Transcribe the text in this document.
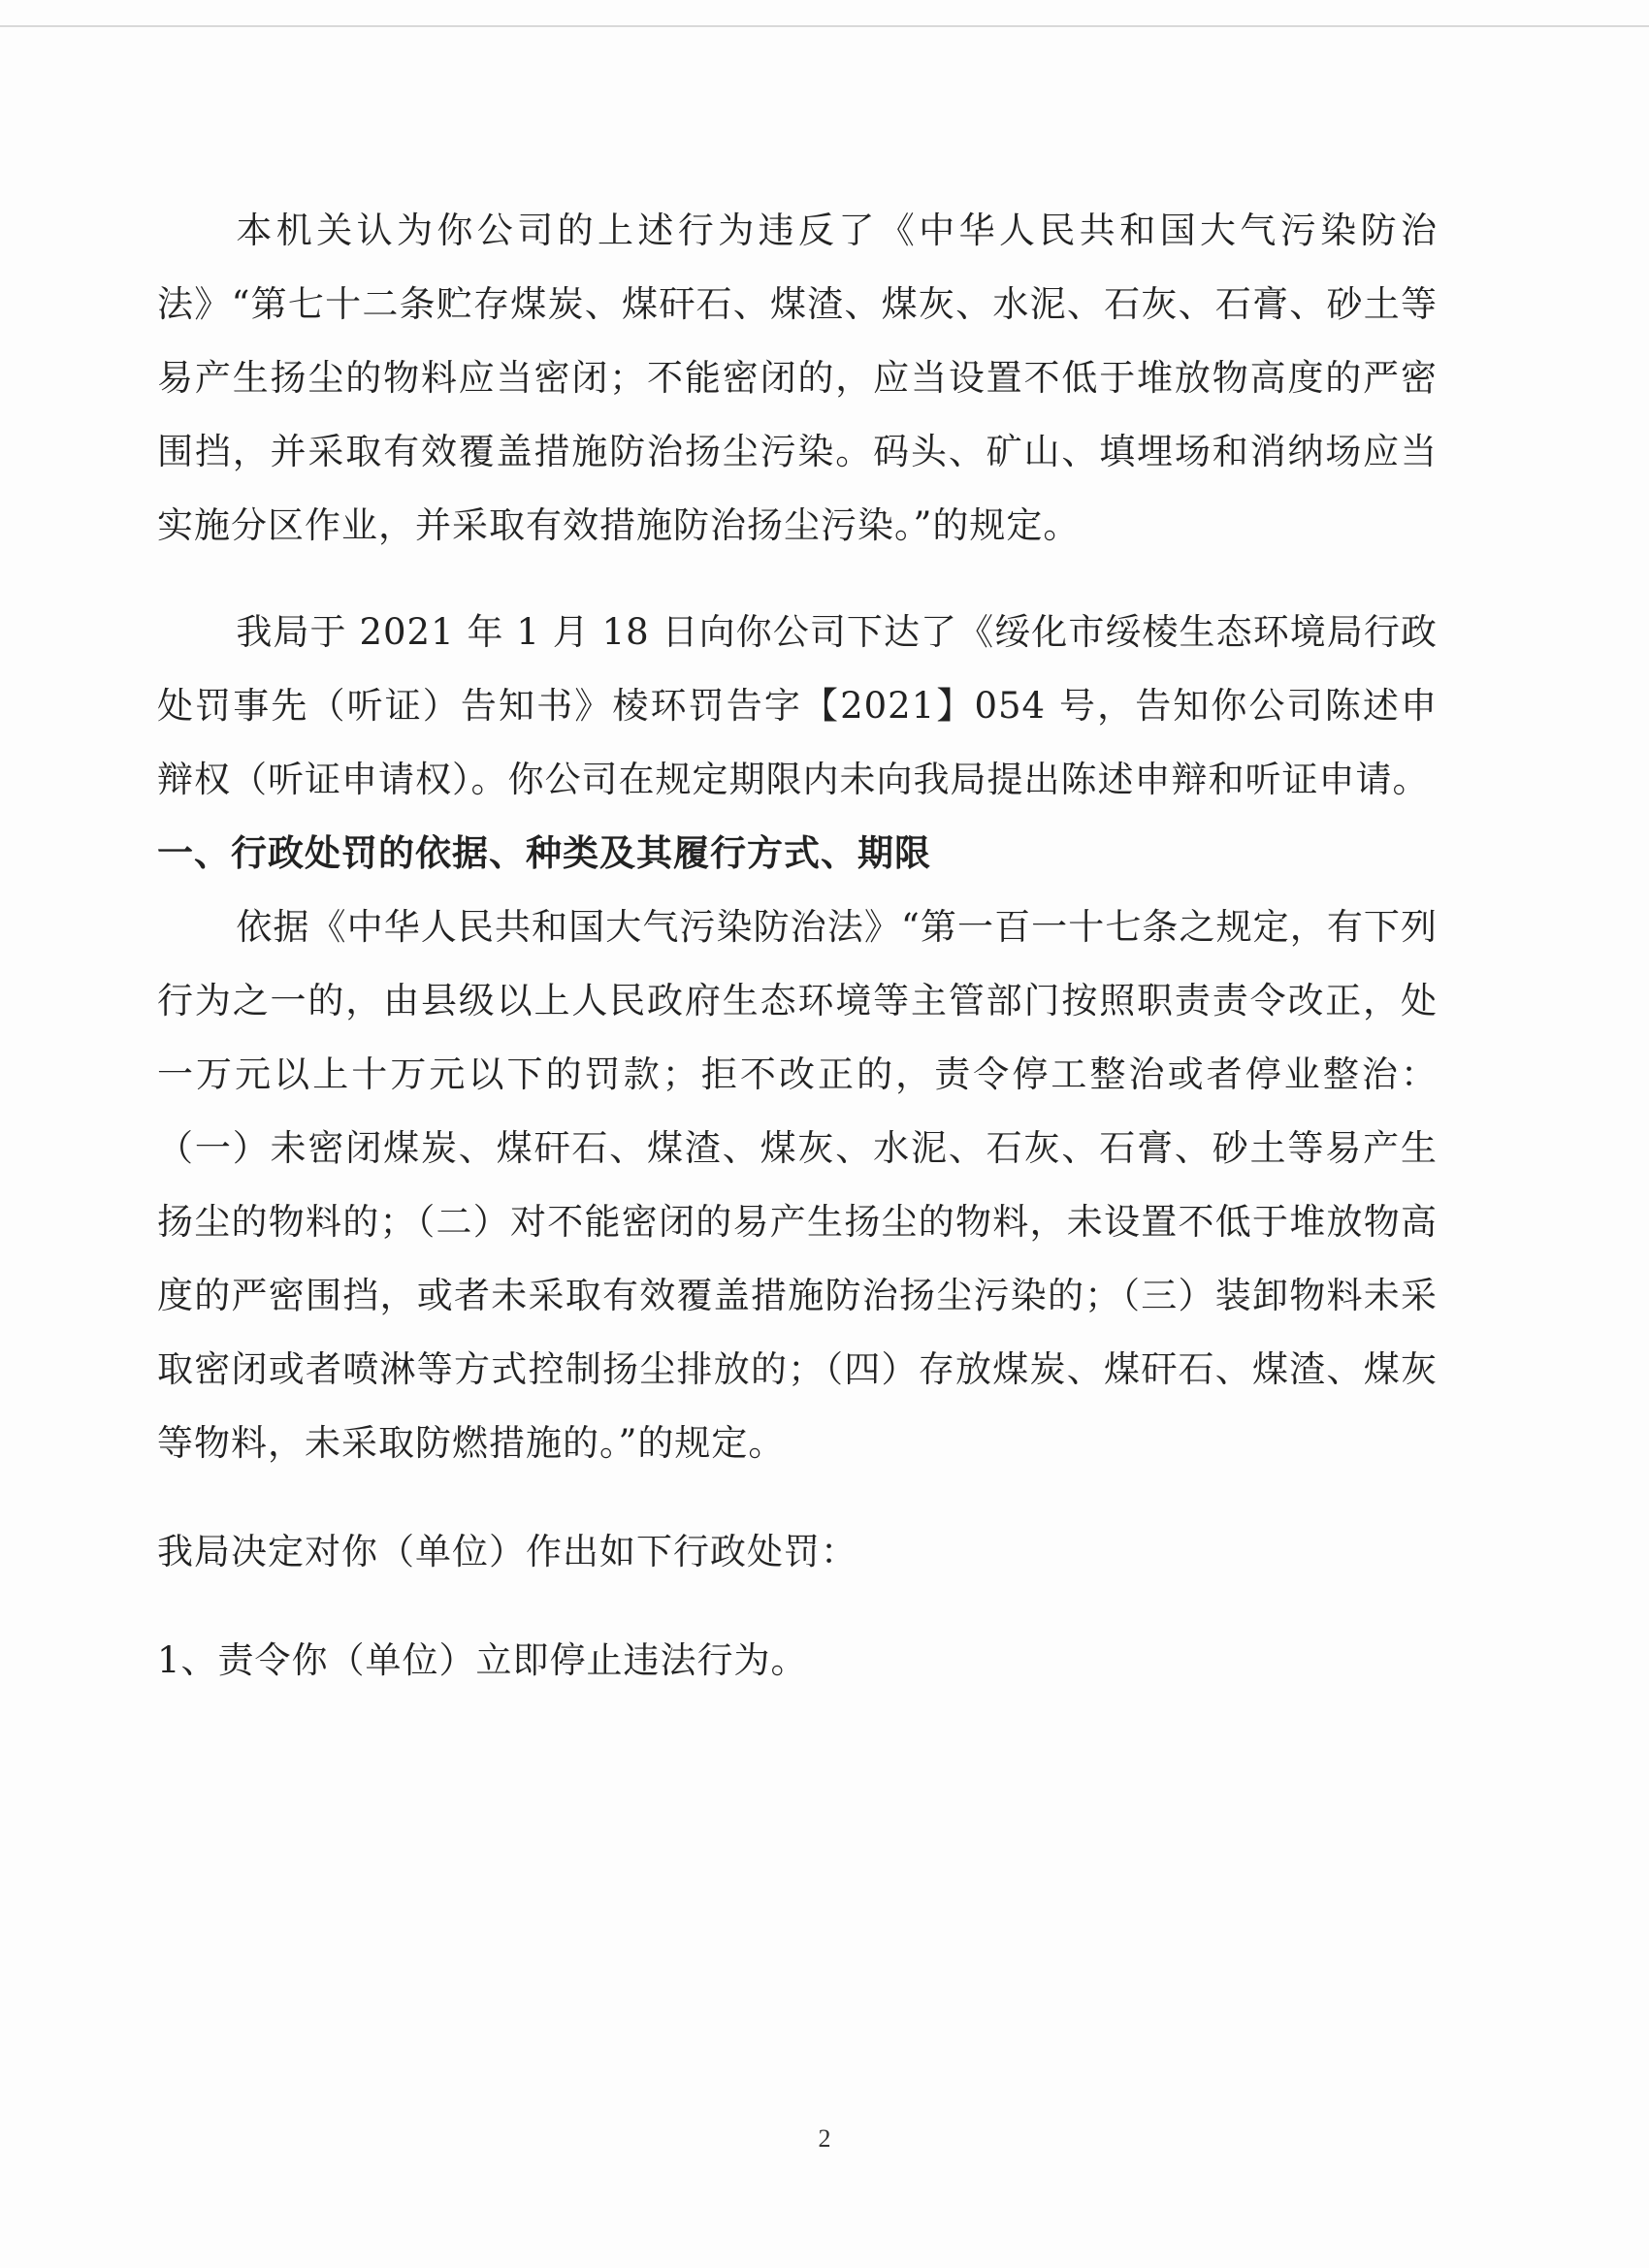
本机关认为你公司的上述行为违反了《中华人民共和国大气污染防治法》“第七十二条贮存煤炭、煤矸石、煤渣、煤灰、水泥、石灰、石膏、砂土等易产生扬尘的物料应当密闭；不能密闭的，应当设置不低于堆放物高度的严密围挡，并采取有效覆盖措施防治扬尘污染。码头、矿山、填埋场和消纳场应当实施分区作业，并采取有效措施防治扬尘污染。”的规定。

我局于 2021 年 1 月 18 日向你公司下达了《绥化市绥棱生态环境局行政处罚事先（听证）告知书》棱环罚告字【2021】054 号，告知你公司陈述申辩权（听证申请权）。你公司在规定期限内未向我局提出陈述申辩和听证申请。

一、行政处罚的依据、种类及其履行方式、期限

依据《中华人民共和国大气污染防治法》“第一百一十七条之规定，有下列行为之一的，由县级以上人民政府生态环境等主管部门按照职责责令改正，处一万元以上十万元以下的罚款；拒不改正的，责令停工整治或者停业整治：（一）未密闭煤炭、煤矸石、煤渣、煤灰、水泥、石灰、石膏、砂土等易产生扬尘的物料的；（二）对不能密闭的易产生扬尘的物料，未设置不低于堆放物高度的严密围挡，或者未采取有效覆盖措施防治扬尘污染的；（三）装卸物料未采取密闭或者喷淋等方式控制扬尘排放的；（四）存放煤炭、煤矸石、煤渣、煤灰等物料，未采取防燃措施的。”的规定。

我局决定对你（单位）作出如下行政处罚：

1、责令你（单位）立即停止违法行为。

2
